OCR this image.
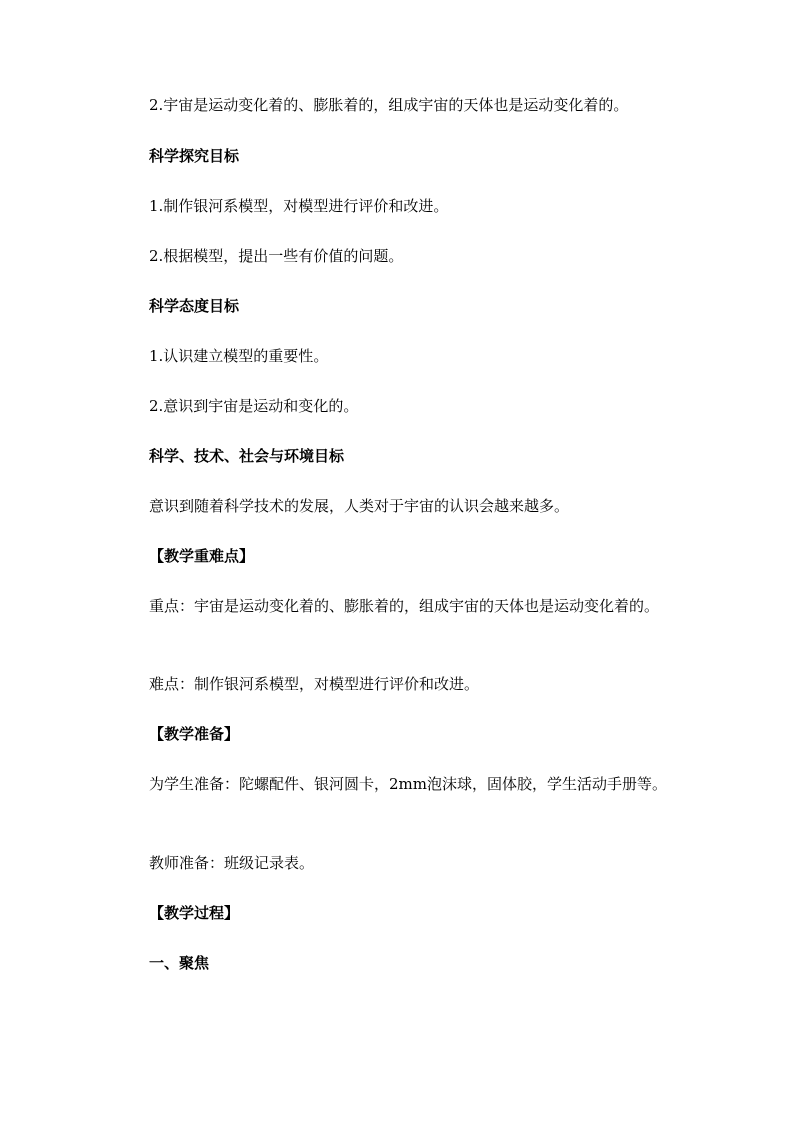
2.宇宙是运动变化着的、膨胀着的，组成宇宙的天体也是运动变化着的。

科学探究目标

1.制作银河系模型，对模型进行评价和改进。

2.根据模型，提出一些有价值的问题。

科学态度目标

1.认识建立模型的重要性。

2.意识到宇宙是运动和变化的。

科学、技术、社会与环境目标

意识到随着科学技术的发展，人类对于宇宙的认识会越来越多。

【教学重难点】

重点：宇宙是运动变化着的、膨胀着的，组成宇宙的天体也是运动变化着的。

难点：制作银河系模型，对模型进行评价和改进。

【教学准备】

为学生准备：陀螺配件、银河圆卡，2mm泡沫球，固体胶，学生活动手册等。

教师准备：班级记录表。

【教学过程】

一、聚焦
